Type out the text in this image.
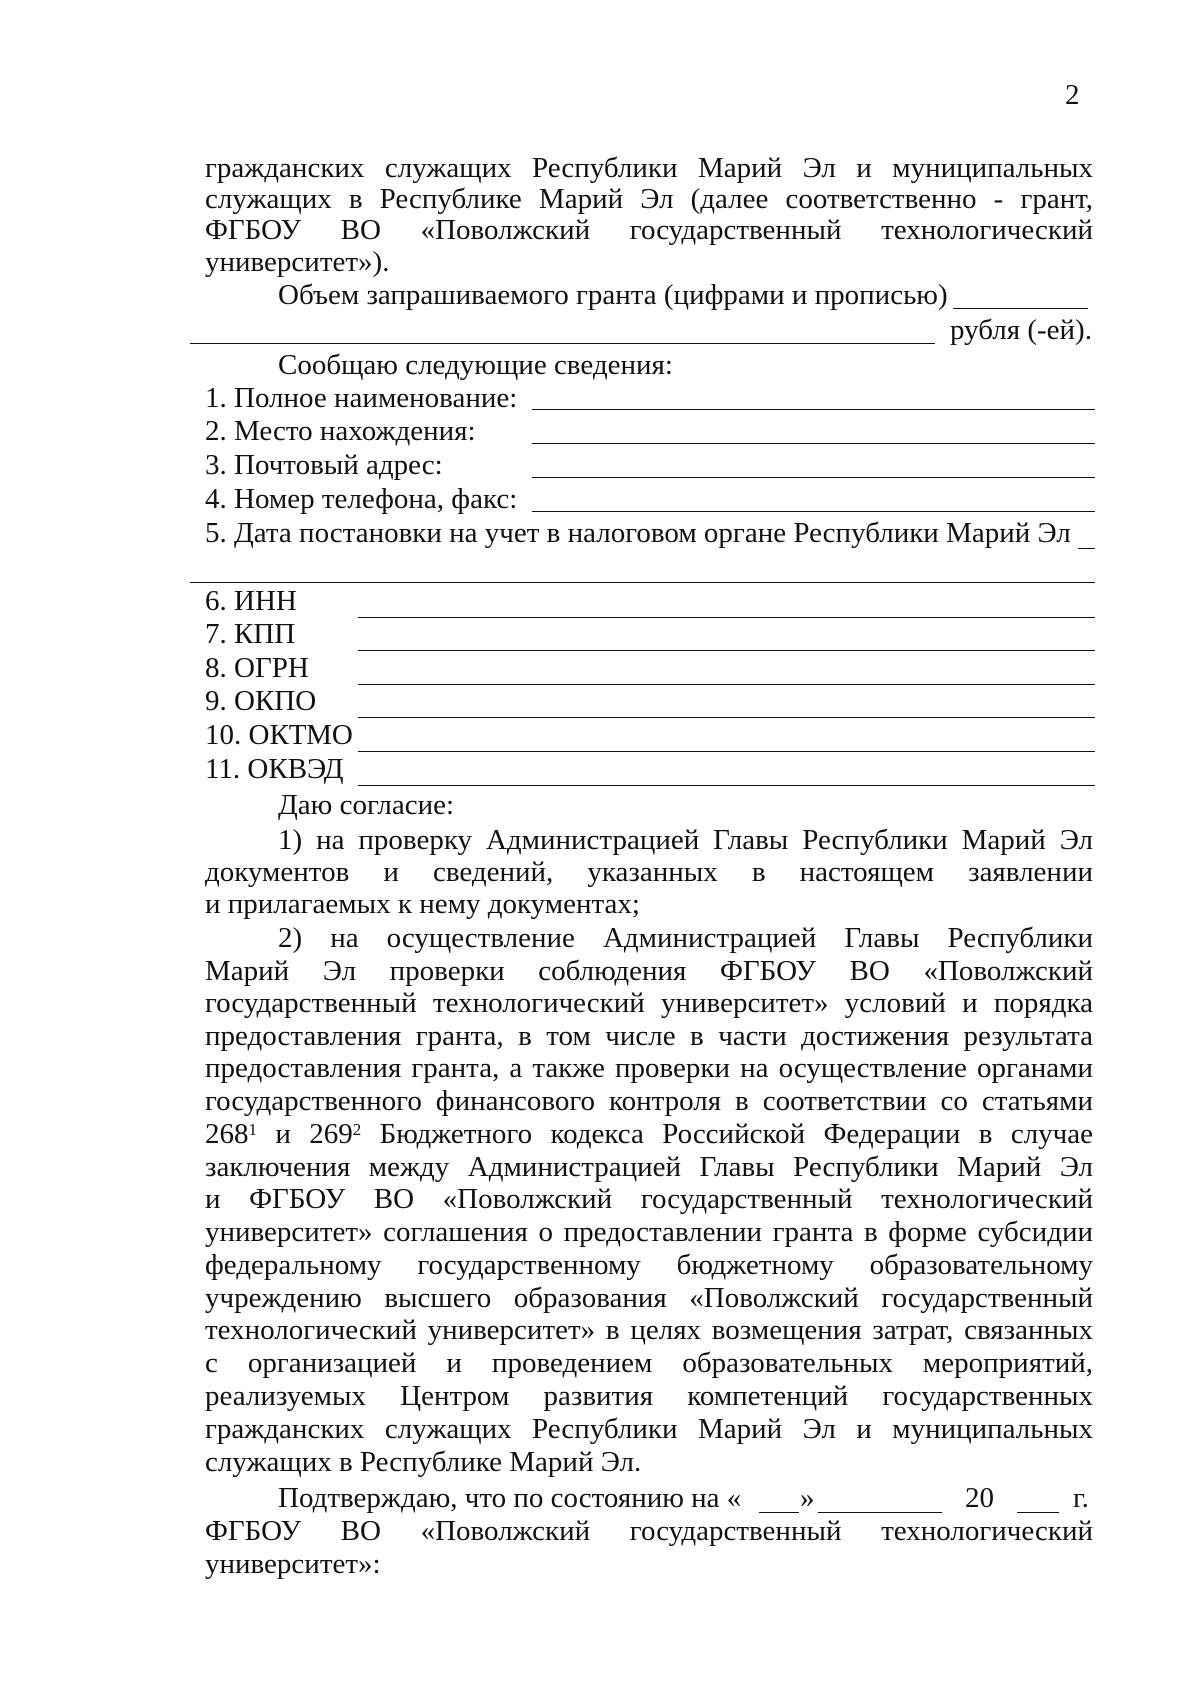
2
гражданских служащих Республики Марий Эл и муниципальных
служащих в Республике Марий Эл (далее соответственно - грант,
ФГБОУ ВО «Поволжский государственный технологический
университет»).
Объем запрашиваемого гранта (цифрами и прописью)
рубля (-ей).
Сообщаю следующие сведения:
1. Полное наименование:
2. Место нахождения:
3. Почтовый адрес:
4. Номер телефона, факс:
5. Дата постановки на учет в налоговом органе Республики Марий Эл
6. ИНН
7. КПП
8. ОГРН
9. ОКПО
10. ОКТМО
11. ОКВЭД
Даю согласие:
1) на проверку Администрацией Главы Республики Марий Эл
документов и сведений, указанных в настоящем заявлении
и прилагаемых к нему документах;
2) на осуществление Администрацией Главы Республики
Марий Эл проверки соблюдения ФГБОУ ВО «Поволжский
государственный технологический университет» условий и порядка
предоставления гранта, в том числе в части достижения результата
предоставления гранта, а также проверки на осуществление органами
государственного финансового контроля в соответствии со статьями
$268^1$ и $269^2$ Бюджетного кодекса Российской Федерации в случае
заключения между Администрацией Главы Республики Марий Эл
и ФГБОУ ВО «Поволжский государственный технологический
университет» соглашения о предоставлении гранта в форме субсидии
федеральному государственному бюджетному образовательному
учреждению высшего образования «Поволжский государственный
технологический университет» в целях возмещения затрат, связанных
с организацией и проведением образовательных мероприятий,
реализуемых Центром развития компетенций государственных
гражданских служащих Республики Марий Эл и муниципальных
служащих в Республике Марий Эл.
Подтверждаю, что по состоянию на « »	20	г.
ФГБОУ ВО «Поволжский государственный технологический
университет»:
